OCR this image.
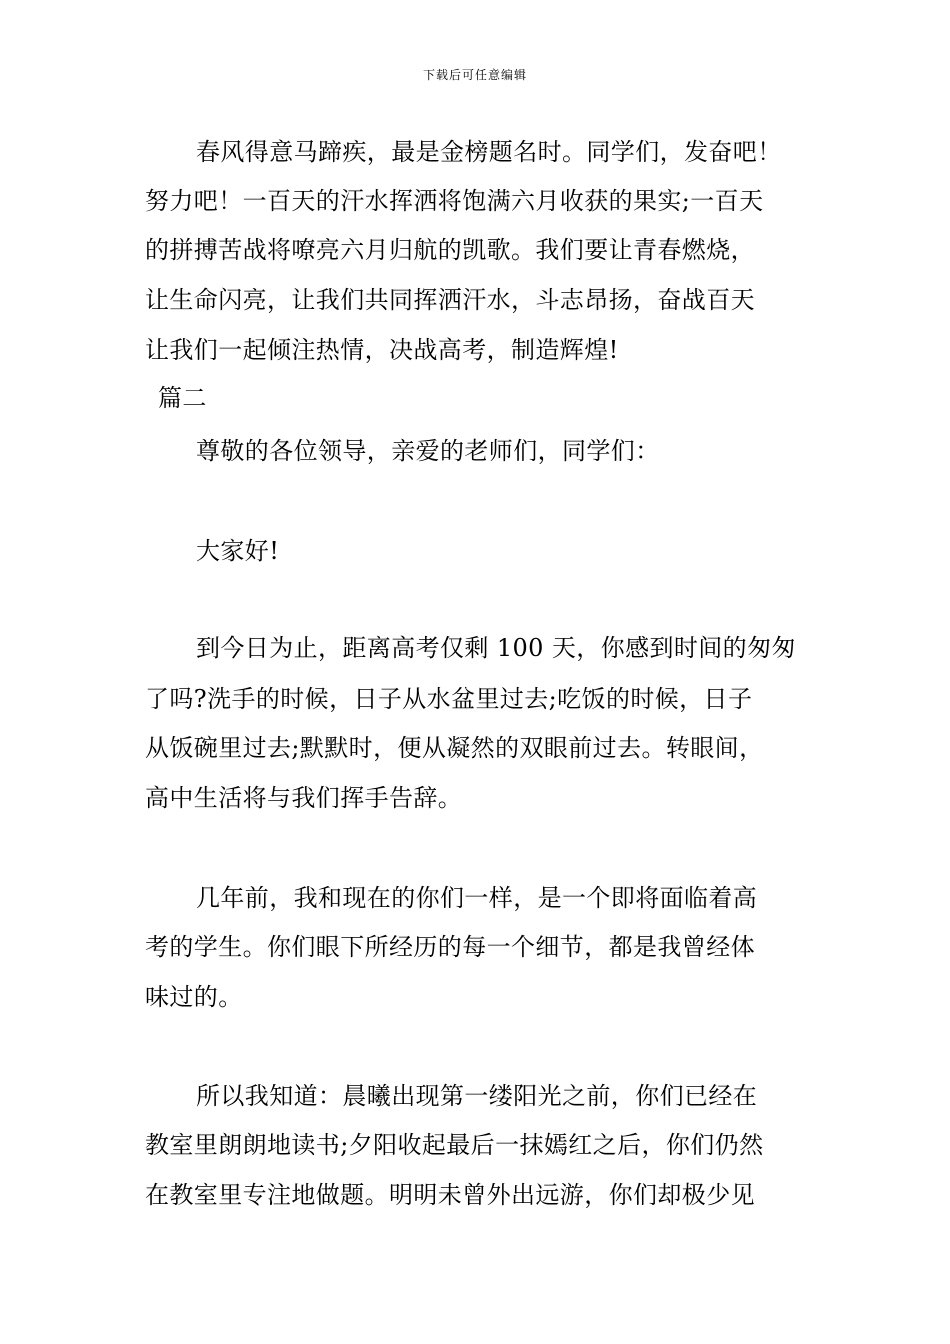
下载后可任意编辑
春风得意马蹄疾，最是金榜题名时。同学们，发奋吧！
努力吧！一百天的汗水挥洒将饱满六月收获的果实;一百天
的拼搏苦战将嘹亮六月归航的凯歌。我们要让青春燃烧，
让生命闪亮，让我们共同挥洒汗水，斗志昂扬，奋战百天
让我们一起倾注热情，决战高考，制造辉煌!
篇二
尊敬的各位领导，亲爱的老师们，同学们：
大家好!
到今日为止，距离高考仅剩 100 天，你感到时间的匆匆
了吗?洗手的时候，日子从水盆里过去;吃饭的时候，日子
从饭碗里过去;默默时，便从凝然的双眼前过去。转眼间，
高中生活将与我们挥手告辞。
几年前，我和现在的你们一样，是一个即将面临着高
考的学生。你们眼下所经历的每一个细节，都是我曾经体
味过的。
所以我知道：晨曦出现第一缕阳光之前，你们已经在
教室里朗朗地读书;夕阳收起最后一抹嫣红之后，你们仍然
在教室里专注地做题。明明未曾外出远游，你们却极少见
